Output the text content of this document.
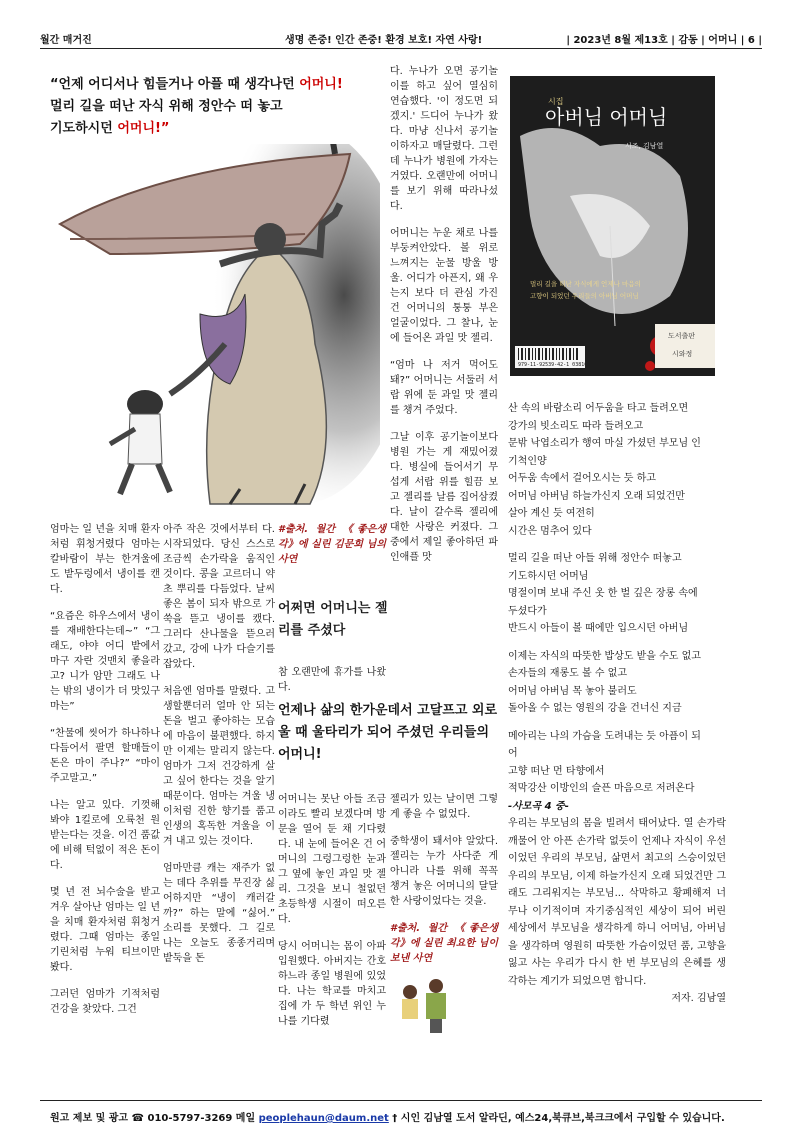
월간 매거진	생명 존중! 인간 존중! 환경 보호! 자연 사랑!	| 2023년 8월 제13호 | 감동 | 어머니 | 6 |
“언제 어디서나 힘들거나 아플 때 생각나던 어머니!
멀리 길을 떠난 자식 위해 정안수 떠 놓고
기도하시던 어머니!”

엄마는 일 년을 치매 환자처럼 휘청거렸다 엄마는 칼바람이 부는 한겨울에도 밭두렁에서 냉이를 캔다.

“요즘은 하우스에서 냉이를 재배한다는데~” “그래도, 야야 어디 밭에서 마구 자란 것맨치 좋을라고? 니가 암만 그래도 나는 밖의 냉이가 더 맛있구마는”

“찬물에 씻어가 하나하나 다듬어서 팔면 할매들이 돈은 마이 주나?” “마이 주고말고.”

나는 알고 있다. 기껏해 봐야 1킬로에 오륙천 원 받는다는 것을. 이건 품값에 비해 턱없이 적은 돈이다.

몇 년 전 뇌수술을 받고 겨우 살아난 엄마는 일 년을 치매 환자처럼 휘청거렸다. 그때 엄마는 종일 기린처럼 누워 티브이만 봤다.

그러던 엄마가 기적처럼 건강을 찾았다. 그건

아주 작은 것에서부터 다. 시작되었다. 당신 스스로 조금씩 손가락을 움직인 것이다. 콩을 고르더니 약초 뿌리를 다듬었다. 날씨좋은 봄이 되자 밖으로 가 쑥을 뜯고 냉이를 캤다. 그러다 산나물을 뜯으러갔고, 강에 나가 다슬기를 잡았다.

처음엔 엄마를 말렸다. 고생할뿐더러 얼마 안 되는 돈을 벌고 좋아하는 모습에 마음이 불편했다. 하지만 이제는 말리지 않는다. 엄마가 그저 건강하게 살고 싶어 한다는 것을 알기 때문이다. 엄마는 겨울 냉이처럼 진한 향기를 품고 인생의 혹독한 겨울을 이겨 내고 있는 것이다.

엄마만큼 캐는 재주가 없는 데다 추위를 무진장 싫어하지만 “냉이 캐러갈까?” 하는 말에 “싫어.” 소리를 못했다. 그 길로 나는 오늘도 종종거리며 밭둑을 돈

#출처. 월간 《좋은생각》에 실린 김문희 님의 사연

어쩌면 어머니는 젤리를 주셨다

참 오랜만에 휴가를 나왔다.

언제나 삶의 한가운데서 고달프고 외로울 때 울타리가 되어 주셨던 우리들의 어머니!

어머니는 못난 아들 조금이라도 빨리 보겠다며 방문을 열어 둔 채 기다렸다. 내 눈에 들어온 건 어머니의 그렁그렁한 눈과 그 옆에 놓인 과일 맛 젤리. 그것을 보니 철없던 초등학생 시절이 떠오른다.

당시 어머니는 몸이 아파 입원했다. 아버지는 간호하느라 종일 병원에 있었다. 나는 학교를 마치고 집에 가 두 학년 위인 누나를 기다렸

다. 누나가 오면 공기놀이를 하고 싶어 열심히 연습했다. '이 정도면 되겠지.' 드디어 누나가 왔다. 마냥 신나서 공기놀이하자고 매달렸다. 그런데 누나가 병원에 가자는 거였다. 오랜만에 어머니를 보기 위해 따라나섰다.

어머니는 누운 채로 나를 부둥켜안았다. 볼 위로 느껴지는 눈물 방울 방울. 어디가 아픈지, 왜 우는지 보다 더 관심 가진 건 어머니의 퉁퉁 부은 얼굴이었다. 그 찰나, 눈에 들어온 과일 맛 젤리.

“엄마 나 저거 먹어도 돼?” 어머니는 서둘러 서랍 위에 둔 과일 맛 젤리를 챙겨 주었다.

그날 이후 공기놀이보다 병원 가는 게 재밌어졌다. 병실에 들어서기 무섭게 서랍 위를 힐끔 보고 젤리를 날름 집어삼켰다. 날이 갈수록 젤리에 대한 사랑은 커졌다. 그중에서 제일 좋아하던 파인애플 맛

젤리가 있는 날이면 그렇게 좋을 수 없었다.

중학생이 돼서야 알았다. 젤리는 누가 사다준 게 아니라 나를 위해 꼭꼭 챙겨 놓은 어머니의 달달한 사랑이었다는 것을.

#출처. 월간 《좋은생각》에 실린 최요한 님이 보낸 사연

시집
아버님 어머님
시조, 김남열
멀리 길을 떠난 자식에게 언제나 마음의
고향이 되었던 우리들의 아버님 어머님
도서출판
시와정
979-11-92539-42-1 03810
산 속의 바람소리 어두움을 타고 들려오면
강가의 빗소리도 따라 들려오고
문밖 낙엽소리가 행여 마실 가셨던 부모님 인
기척인양
어두움 속에서 걸어오시는 듯 하고
어머님 아버님 하늘가신지 오래 되었건만
살아 계신 듯 여전히
시간은 멈추어 있다
멀리 길을 떠난 아들 위해 정안수 떠놓고
기도하시던 어머님
명절이며 보내 주신 옷 한 벌 깊은 장롱 속에
두셨다가
반드시 아들이 볼 때에만 입으시던 아버님
이제는 자식의 따뜻한 밥상도 받을 수도 없고
손자들의 재롱도 볼 수 없고
어머님 아버님 목 놓아 불러도
돌아올 수 없는 영원의 강을 건너신 지금
메아리는 나의 가슴을 도려내는 듯 아픔이 되
어
고향 떠난 먼 타향에서
적막강산 이방인의 슬픈 마음으로 저려온다
-사모곡 4 중-
우리는 부모님의 몸을 빌려서 태어났다. 열 손가락 깨물어 안 아픈 손가락 없듯이 언제나 자식이 우선이었던 우리의 부모님, 삶면서 최고의 스승이었던 우리의 부모님, 이제 하늘가신지 오래 되었건만 그래도 그리워지는 부모님... 삭막하고 황폐해져 너무나 이기적이며 자기중심적인 세상이 되어 버린 세상에서 부모님을 생각하게 하니 어머님, 아버님을 생각하며 영원히 따뜻한 가슴이었던 품, 고향을 잃고 사는 우리가 다시 한 번 부모님의 은혜를 생각하는 계기가 되었으면 합니다.
저자. 김남열
원고 제보 및 광고 ☎ 010-5797-3269 메일 peoplehaun@daum.net † 시인 김남열 도서 알라딘, 예스24,북큐브,북크크에서 구입할 수 있습니다.
